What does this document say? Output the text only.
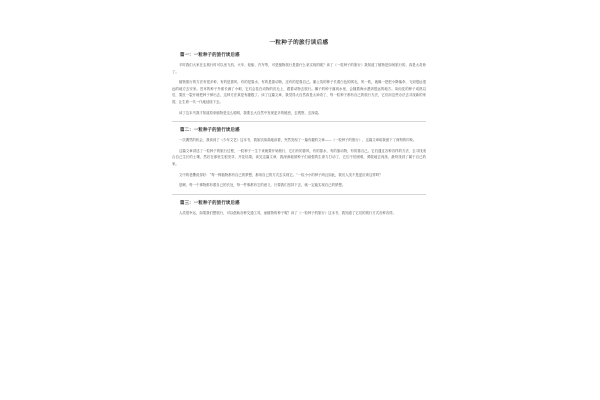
一粒种子的旅行读后感
篇一：一粒种子的旅行读后感

平时我们大家在去旅行时可以坐飞机、火车、轮船、汽车等，可是植物旅行是靠什么来实现的呢？读了《一粒种子的旅行》我知道了植物是如何旅行的，真是太奇妙了。

植物旅行的方法有很多种，有的是靠风，有的是靠水，有的是靠动物，还有的是靠自己。蒲公英的种子长着白色的绒毛，风一吹，就像一把把小降落伞，飞到很远很远的地方去安家。苍耳的种子外面长满了小刺，它们会挂在动物的皮毛上，跟着动物去旅行。椰子的种子落到水里，会随着海水漂到很远的地方。凤仙花的种子成熟以后，果皮一裂开就把种子弹出去，这种方法真是有趣极了。读了这篇文章，我觉得大自然真是太神奇了，每一粒种子都有自己的旅行方法，它们用这些办法去寻找新的家园，让生命一代一代地延续下去。

读了这本书我才知道原来植物是这么聪明，我要去大自然中发现更多的秘密，去观察，去探索。

篇二：一粒种子的旅行读后感

一次偶然的机会，我读到了《少年文艺》这本书，我如饥似渴地读着，突然发现了一篇有趣的文章——《一粒种子的旅行》，这篇文章给我留下了深刻的印象。

这篇文章讲述了一粒种子的旅行过程，一粒种子一生下来就要开始旅行，它们有的靠风，有的靠水，有的靠动物，有的靠自己。它们通过各种各样的方法，去寻找适合自己生长的土壤，然后在那里生根发芽，开花结果。读完这篇文章，我深深地被种子们顽强的生命力打动了，它们不怕困难，勇敢地去闯荡，最终找到了属于自己的家。

文中的老鹰说得好：“每一株植物都有自己的梦想，都用自己的方式去实现它。”一粒小小的种子尚且如此，我们人类不是更应该这样吗？

是啊，每一个事物都有着自己的长处，每一件事都有它的意义，只要我们坚持下去，就一定能实现自己的梦想。

篇三：一粒种子的旅行读后感

人类很幸运，如果我们想旅行，可以借助各种交通工具，而植物的种子呢？读了《一粒种子的旅行》这本书，我知道了它们的旅行方式各种各样。
